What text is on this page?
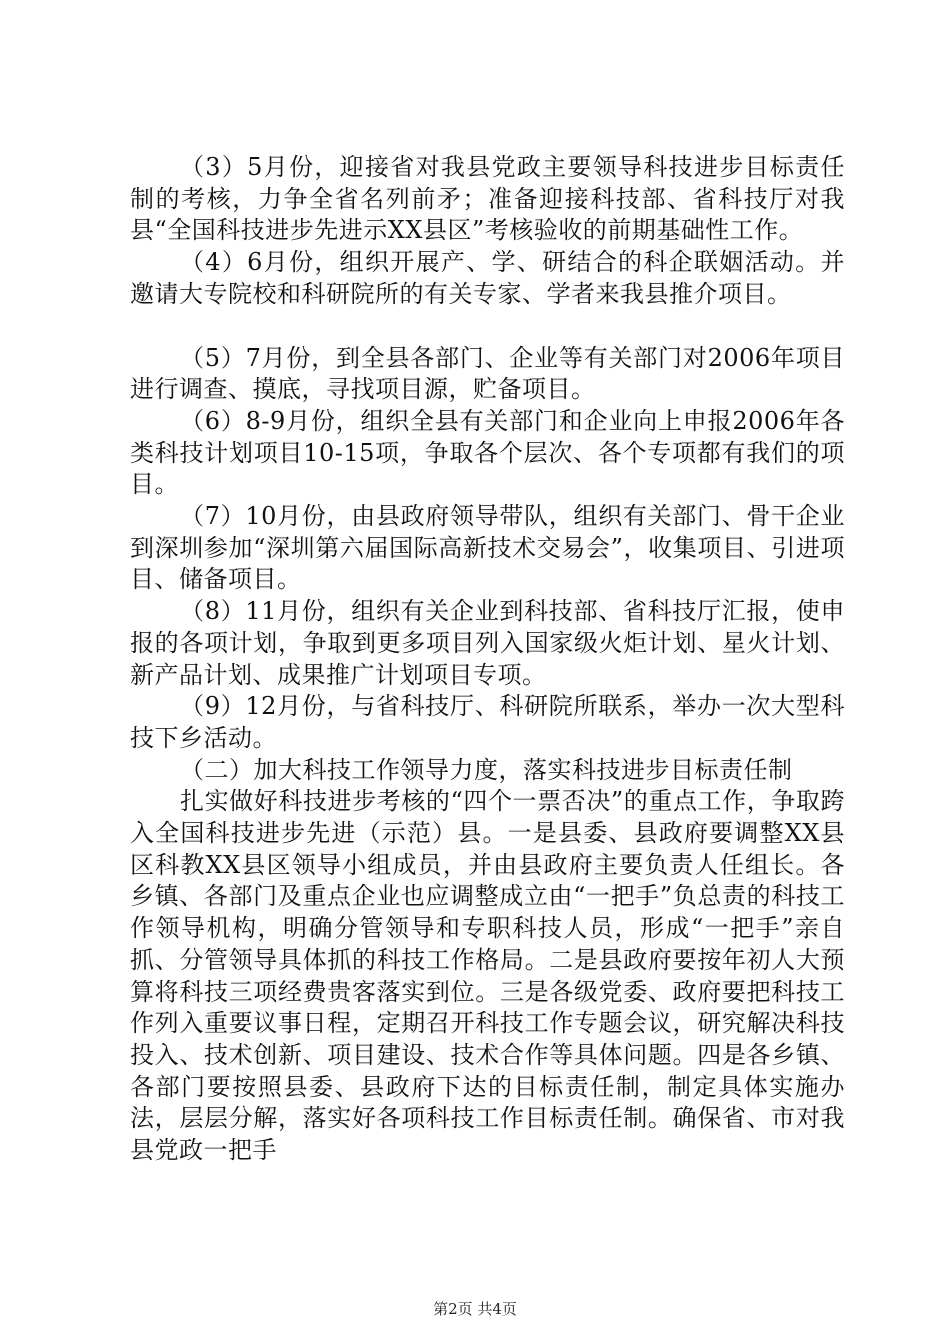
（3）5月份，迎接省对我县党政主要领导科技进步目标责任制的考核，力争全省名列前矛；准备迎接科技部、省科技厅对我县“全国科技进步先进示XX县区”考核验收的前期基础性工作。

（4）6月份，组织开展产、学、研结合的科企联姻活动。并邀请大专院校和科研院所的有关专家、学者来我县推介项目。

（5）7月份，到全县各部门、企业等有关部门对2006年项目进行调查、摸底，寻找项目源，贮备项目。

（6）8-9月份，组织全县有关部门和企业向上申报2006年各类科技计划项目10-15项，争取各个层次、各个专项都有我们的项目。

（7）10月份，由县政府领导带队，组织有关部门、骨干企业到深圳参加“深圳第六届国际高新技术交易会”，收集项目、引进项目、储备项目。

（8）11月份，组织有关企业到科技部、省科技厅汇报，使申报的各项计划，争取到更多项目列入国家级火炬计划、星火计划、新产品计划、成果推广计划项目专项。

（9）12月份，与省科技厅、科研院所联系，举办一次大型科技下乡活动。

（二）加大科技工作领导力度，落实科技进步目标责任制

扎实做好科技进步考核的“四个一票否决”的重点工作，争取跨入全国科技进步先进（示范）县。一是县委、县政府要调整XX县区科教XX县区领导小组成员，并由县政府主要负责人任组长。各乡镇、各部门及重点企业也应调整成立由“一把手”负总责的科技工作领导机构，明确分管领导和专职科技人员，形成“一把手”亲自抓、分管领导具体抓的科技工作格局。二是县政府要按年初人大预算将科技三项经费贵客落实到位。三是各级党委、政府要把科技工作列入重要议事日程，定期召开科技工作专题会议，研究解决科技投入、技术创新、项目建设、技术合作等具体问题。四是各乡镇、各部门要按照县委、县政府下达的目标责任制，制定具体实施办法，层层分解，落实好各项科技工作目标责任制。确保省、市对我县党政一把手

第2页 共4页
